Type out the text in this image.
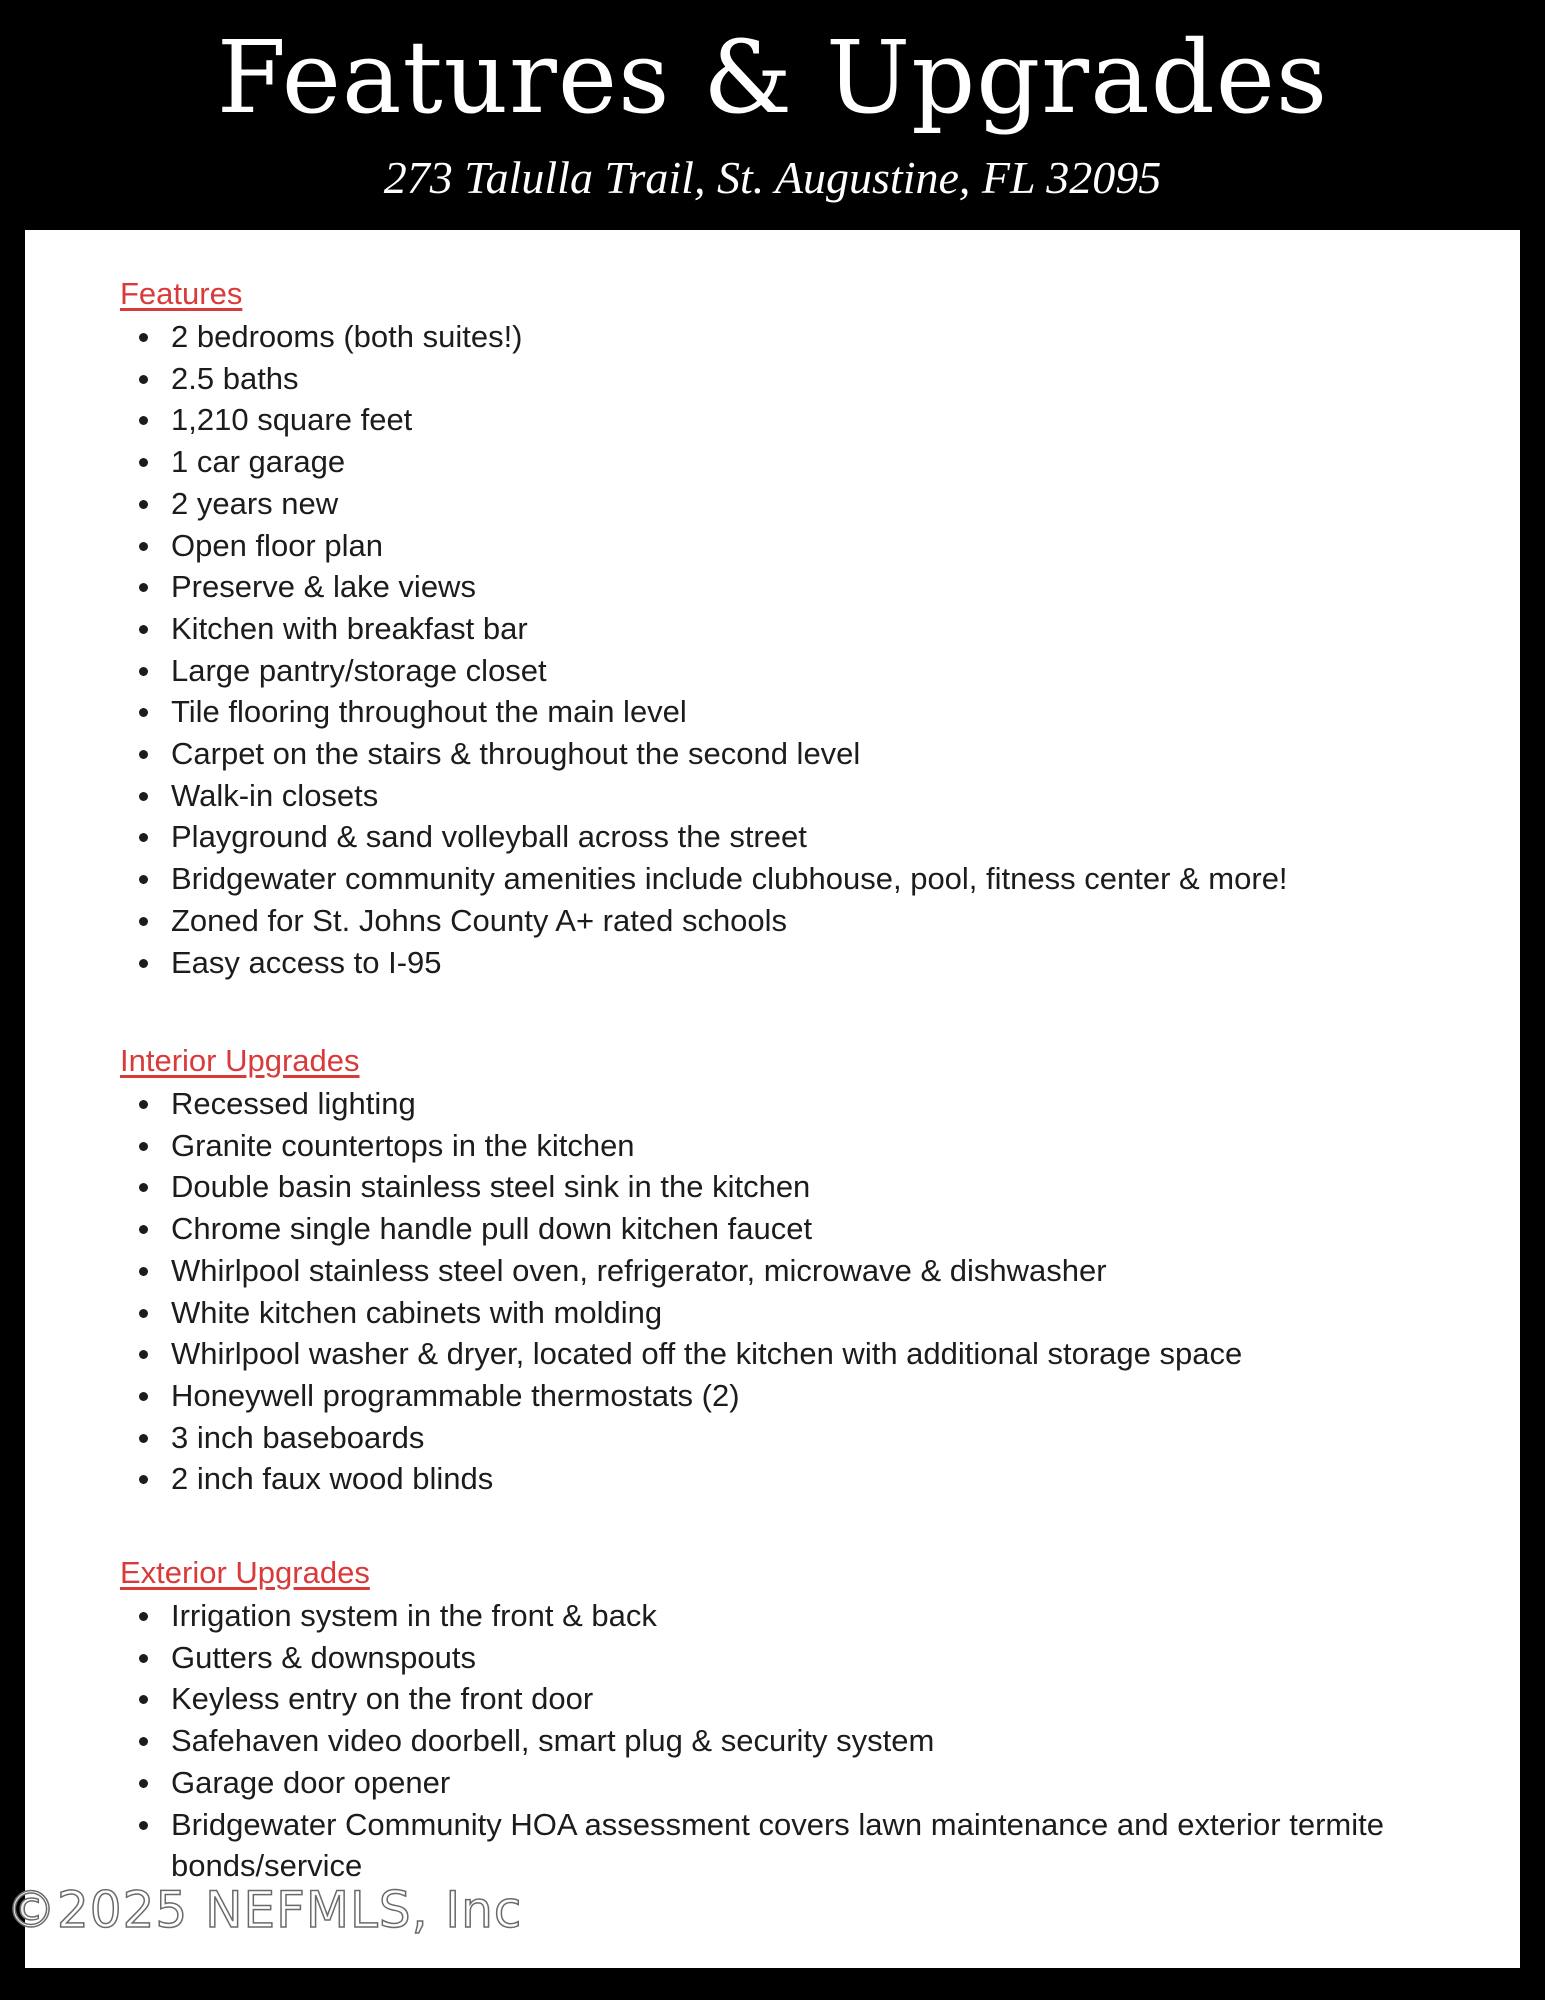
Features & Upgrades
273 Talulla Trail, St. Augustine, FL 32095
Features
2 bedrooms (both suites!)
2.5 baths
1,210 square feet
1 car garage
2 years new
Open floor plan
Preserve & lake views
Kitchen with breakfast bar
Large pantry/storage closet
Tile flooring throughout the main level
Carpet on the stairs & throughout the second level
Walk-in closets
Playground & sand volleyball across the street
Bridgewater community amenities include clubhouse, pool, fitness center & more!
Zoned for St. Johns County A+ rated schools
Easy access to I-95
Interior Upgrades
Recessed lighting
Granite countertops in the kitchen
Double basin stainless steel sink in the kitchen
Chrome single handle pull down kitchen faucet
Whirlpool stainless steel oven, refrigerator, microwave & dishwasher
White kitchen cabinets with molding
Whirlpool washer & dryer, located off the kitchen with additional storage space
Honeywell programmable thermostats (2)
3 inch baseboards
2 inch faux wood blinds
Exterior Upgrades
Irrigation system in the front & back
Gutters & downspouts
Keyless entry on the front door
Safehaven video doorbell, smart plug & security system
Garage door opener
Bridgewater Community HOA assessment covers lawn maintenance and exterior termite bonds/service
©2025 NEFMLS, Inc
